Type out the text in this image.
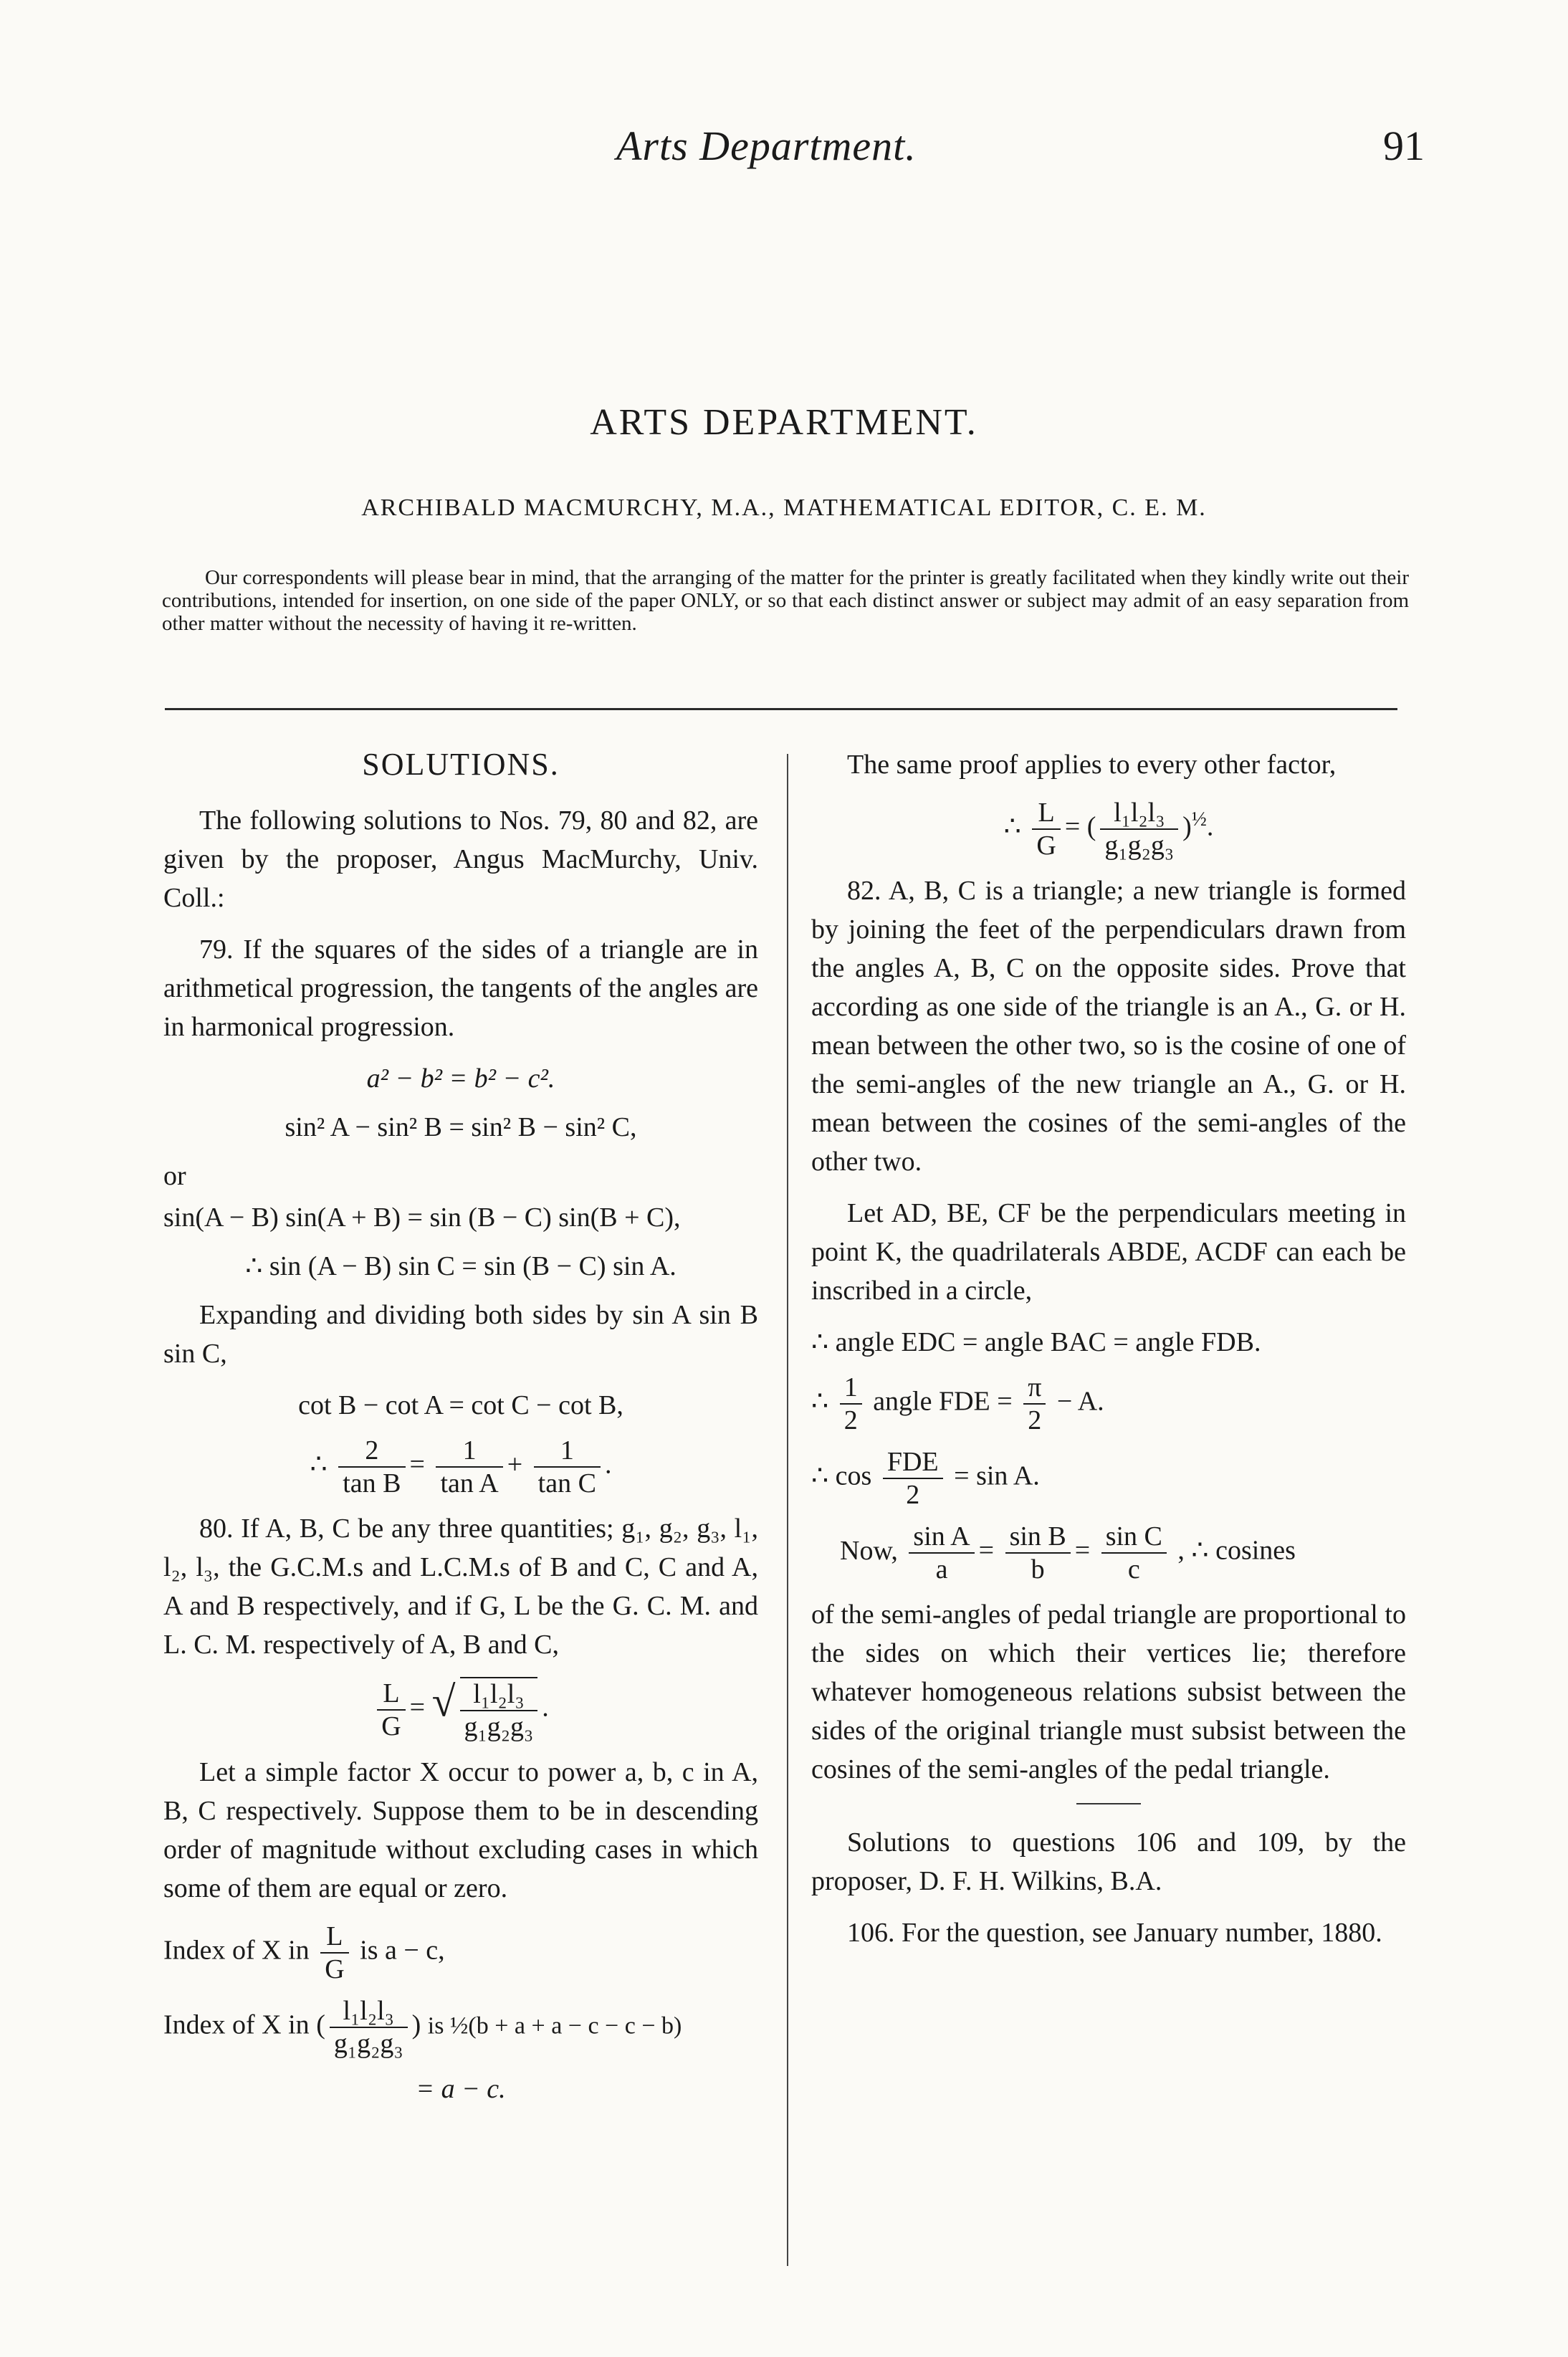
Arts Department.	91
ARTS DEPARTMENT.
ARCHIBALD MACMURCHY, M.A., MATHEMATICAL EDITOR, C. E. M.
Our correspondents will please bear in mind, that the arranging of the matter for the printer is greatly facilitated when they kindly write out their contributions, intended for insertion, on one side of the paper ONLY, or so that each distinct answer or subject may admit of an easy separation from other matter without the necessity of having it re-written.

SOLUTIONS.

The following solutions to Nos. 79, 80 and 82, are given by the proposer, Angus MacMurchy, Univ. Coll.:

79. If the squares of the sides of a triangle are in arithmetical progression, the tangents of the angles are in harmonical progression.

a² − b² = b² − c².
sin² A − sin² B = sin² B − sin² C,

or

sin(A − B) sin(A + B) = sin (B − C) sin(B + C),
∴ sin (A − B) sin C = sin (B − C) sin A.

Expanding and dividing both sides by sin A sin B sin C,

cot B − cot A = cot C − cot B,
∴ $\frac{2}{\text{tan B}} = \frac{1}{\text{tan A}} + \frac{1}{\text{tan C}}$ .

80. If A, B, C be any three quantities; g₁, g₂, g₃, l₁, l₂, l₃, the G.C.M.s and L.C.M.s of B and C, C and A, A and B respectively, and if G, L be the G. C. M. and L. C. M. respectively of A, B and C,

$\frac{L}{G}$ = √ $\frac{\text{l₁l₂l₃}}{\text{g₁g₂g₃}}$ .

Let a simple factor X occur to power a, b, c in A, B, C respectively. Suppose them to be in descending order of magnitude without excluding cases in which some of them are equal or zero.

Index of X in $\frac{L}{G}$ is a − c,
Index of X in ( $\frac{\text{l₁l₂l₃}}{\text{g₁g₂g₃}}$ ) is ½(b + a + a − c − c − b)
= a − c.

The same proof applies to every other factor,

∴ $\frac{L}{G}$ = ( $\frac{\text{l₁l₂l₃}}{\text{g₁g₂g₃}} )^{\frac{1}{2}}$.

82. A, B, C is a triangle; a new triangle is formed by joining the feet of the perpendiculars drawn from the angles A, B, C on the opposite sides. Prove that according as one side of the triangle is an A., G. or H. mean between the other two, so is the cosine of one of the semi-angles of the new triangle an A., G. or H. mean between the cosines of the semi-angles of the other two.

Let AD, BE, CF be the perpendiculars meeting in point K, the quadrilaterals ABDE, ACDF can each be inscribed in a circle,

∴ angle EDC = angle BAC = angle FDB.
∴ $\frac{1}{2}$ angle FDE = $\frac{\pi}{2} - A$.
∴ $\cos \frac{\text{FDE}}{2} = \sin A$.
Now, $\frac{\text{sin A}}{a} = \frac{\text{sin B}}{b} = \frac{\text{sin C}}{c}$ , ∴ cosines

of the semi-angles of pedal triangle are proportional to the sides on which their vertices lie; therefore whatever homogeneous relations subsist between the sides of the original triangle must subsist between the cosines of the semi-angles of the pedal triangle.

Solutions to questions 106 and 109, by the proposer, D. F. H. Wilkins, B.A.

106. For the question, see January number, 1880.
